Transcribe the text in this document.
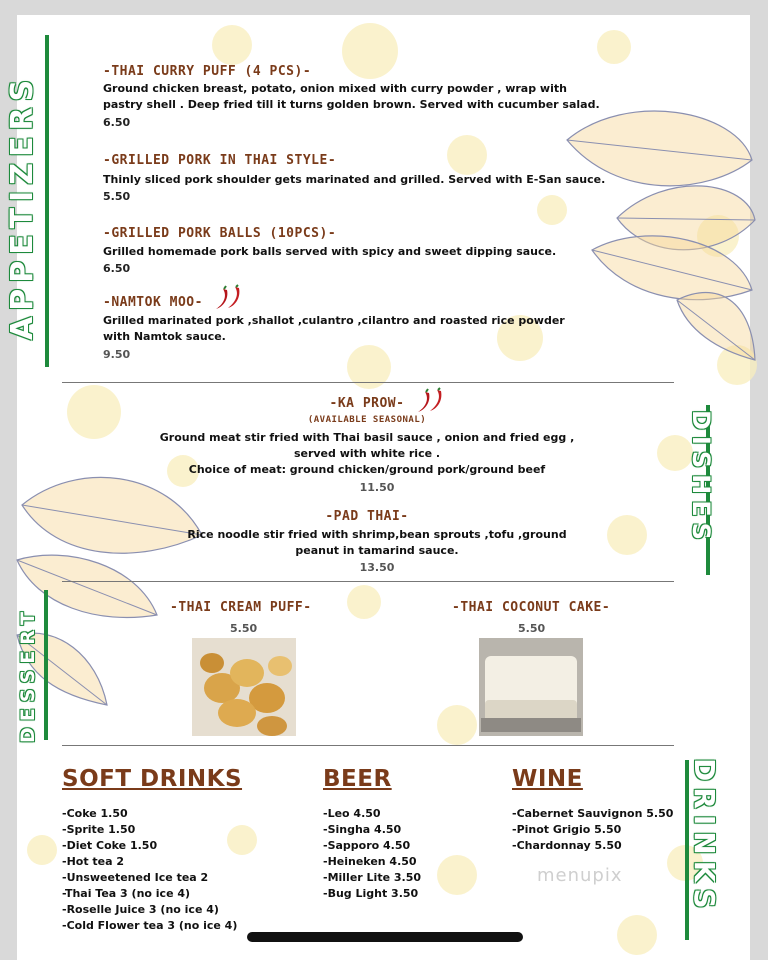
APPETIZERS
DISHES
DESSERT
DRINKS
-THAI CURRY PUFF (4 PCS)-
Ground chicken breast, potato, onion mixed with curry powder , wrap with
pastry shell . Deep fried till it turns golden brown. Served with cucumber salad.
6.50
-GRILLED PORK IN THAI STYLE-
Thinly sliced pork shoulder gets marinated and grilled. Served with E-San sauce.
5.50
-GRILLED PORK BALLS (10PCS)-
Grilled homemade pork balls served with spicy and sweet dipping sauce.
6.50
-NAMTOK MOO-
Grilled marinated pork ,shallot ,culantro ,cilantro and roasted rice powder
with Namtok sauce.
9.50
-KA PROW-
(AVAILABLE SEASONAL)
Ground meat stir fried with Thai basil sauce , onion and fried egg ,
served with white rice .
Choice of meat: ground chicken/ground pork/ground beef
11.50
-PAD THAI-
Rice noodle stir fried with shrimp,bean sprouts ,tofu ,ground
peanut in tamarind sauce.
13.50
-THAI CREAM PUFF-
5.50
-THAI COCONUT CAKE-
5.50
SOFT DRINKS
-Coke 1.50
-Sprite 1.50
-Diet Coke 1.50
-Hot tea 2
-Unsweetened Ice tea 2
-Thai Tea 3 (no ice 4)
-Roselle Juice 3 (no ice 4)
-Cold Flower tea 3 (no ice 4)
BEER
-Leo 4.50
-Singha 4.50
-Sapporo 4.50
-Heineken 4.50
-Miller Lite 3.50
-Bug Light 3.50
WINE
-Cabernet Sauvignon 5.50
-Pinot Grigio 5.50
-Chardonnay 5.50
menupix
